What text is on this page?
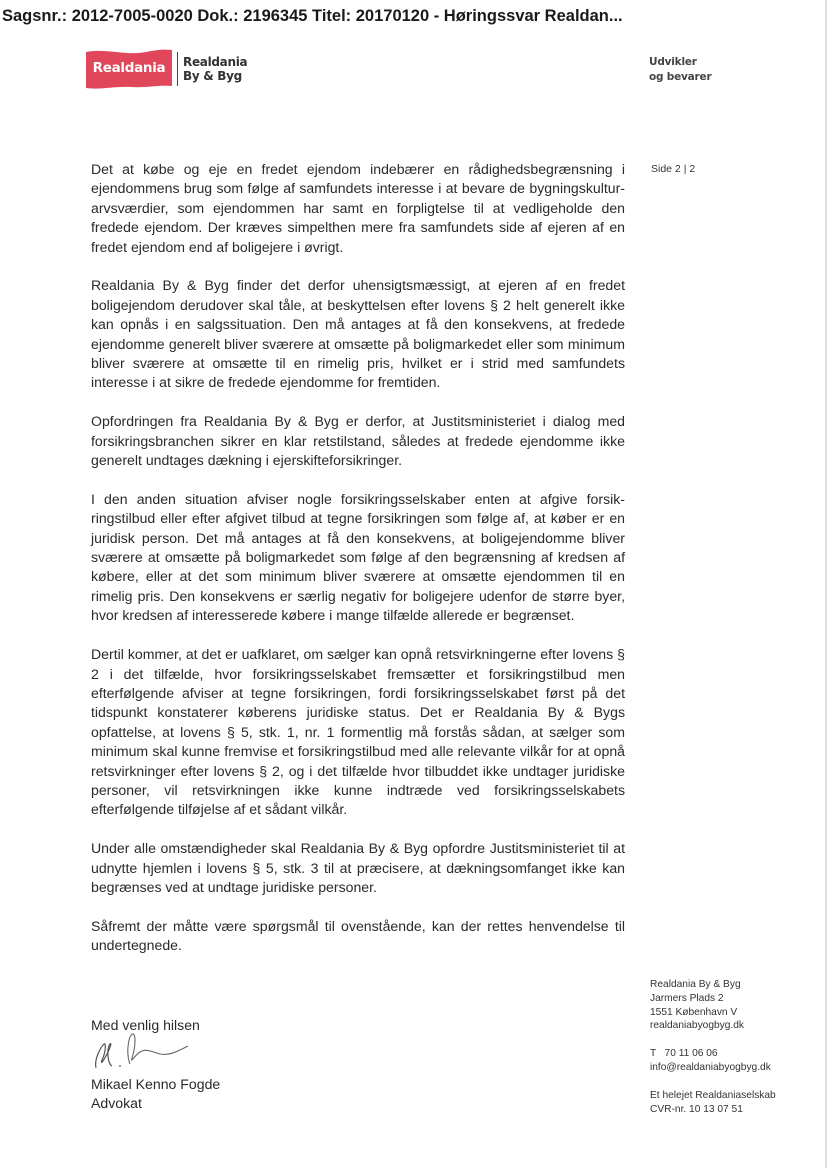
Sagsnr.: 2012-7005-0020 Dok.: 2196345 Titel: 20170120 - Høringssvar Realdan...
Realdania	Realdania
By & Byg
Udvikler
og bevarer
Side 2 | 2

Det at købe og eje en fredet ejendom indebærer en rådighedsbegrænsning i ejendommens brug som følge af samfundets interesse i at bevare de bygningskulturarvsværdier, som ejendommen har samt en forpligtelse til at vedligeholde den fredede ejendom. Der kræves simpelthen mere fra samfundets side af ejeren af en fredet ejendom end af boligejere i øvrigt.

Realdania By & Byg finder det derfor uhensigtsmæssigt, at ejeren af en fredet boligejendom derudover skal tåle, at beskyttelsen efter lovens § 2 helt generelt ikke kan opnås i en salgssituation. Den må antages at få den konsekvens, at fredede ejendomme generelt bliver sværere at omsætte på boligmarkedet eller som minimum bliver sværere at omsætte til en rimelig pris, hvilket er i strid med samfundets interesse i at sikre de fredede ejendomme for fremtiden.

Opfordringen fra Realdania By & Byg er derfor, at Justitsministeriet i dialog med forsikringsbranchen sikrer en klar retstilstand, således at fredede ejendomme ikke generelt undtages dækning i ejerskifteforsikringer.

I den anden situation afviser nogle forsikringsselskaber enten at afgive forsikringstilbud eller efter afgivet tilbud at tegne forsikringen som følge af, at køber er en juridisk person. Det må antages at få den konsekvens, at boligejendomme bliver sværere at omsætte på boligmarkedet som følge af den begrænsning af kredsen af købere, eller at det som minimum bliver sværere at omsætte ejendommen til en rimelig pris. Den konsekvens er særlig negativ for boligejere udenfor de større byer, hvor kredsen af interesserede købere i mange tilfælde allerede er begrænset.

Dertil kommer, at det er uafklaret, om sælger kan opnå retsvirkningerne efter lovens § 2 i det tilfælde, hvor forsikringsselskabet fremsætter et forsikringstilbud men efterfølgende afviser at tegne forsikringen, fordi forsikringsselskabet først på det tidspunkt konstaterer køberens juridiske status. Det er Realdania By & Bygs opfattelse, at lovens § 5, stk. 1, nr. 1 formentlig må forstås sådan, at sælger som minimum skal kunne fremvise et forsikringstilbud med alle relevante vilkår for at opnå retsvirkninger efter lovens § 2, og i det tilfælde hvor tilbuddet ikke undtager juridiske personer, vil retsvirkningen ikke kunne indtræde ved forsikringsselskabets efterfølgende tilføjelse af et sådant vilkår.

Under alle omstændigheder skal Realdania By & Byg opfordre Justitsministeriet til at udnytte hjemlen i lovens § 5, stk. 3 til at præcisere, at dækningsomfanget ikke kan begrænses ved at undtage juridiske personer.

Såfremt der måtte være spørgsmål til ovenstående, kan der rettes henvendelse til undertegnede.

Med venlig hilsen
Mikael Kenno Fogde
Advokat
Realdania By & Byg
Jarmers Plads 2
1551 København V
realdaniabyogbyg.dk
T   70 11 06 06
info@realdaniabyogbyg.dk
Et helejet Realdaniaselskab
CVR-nr. 10 13 07 51
